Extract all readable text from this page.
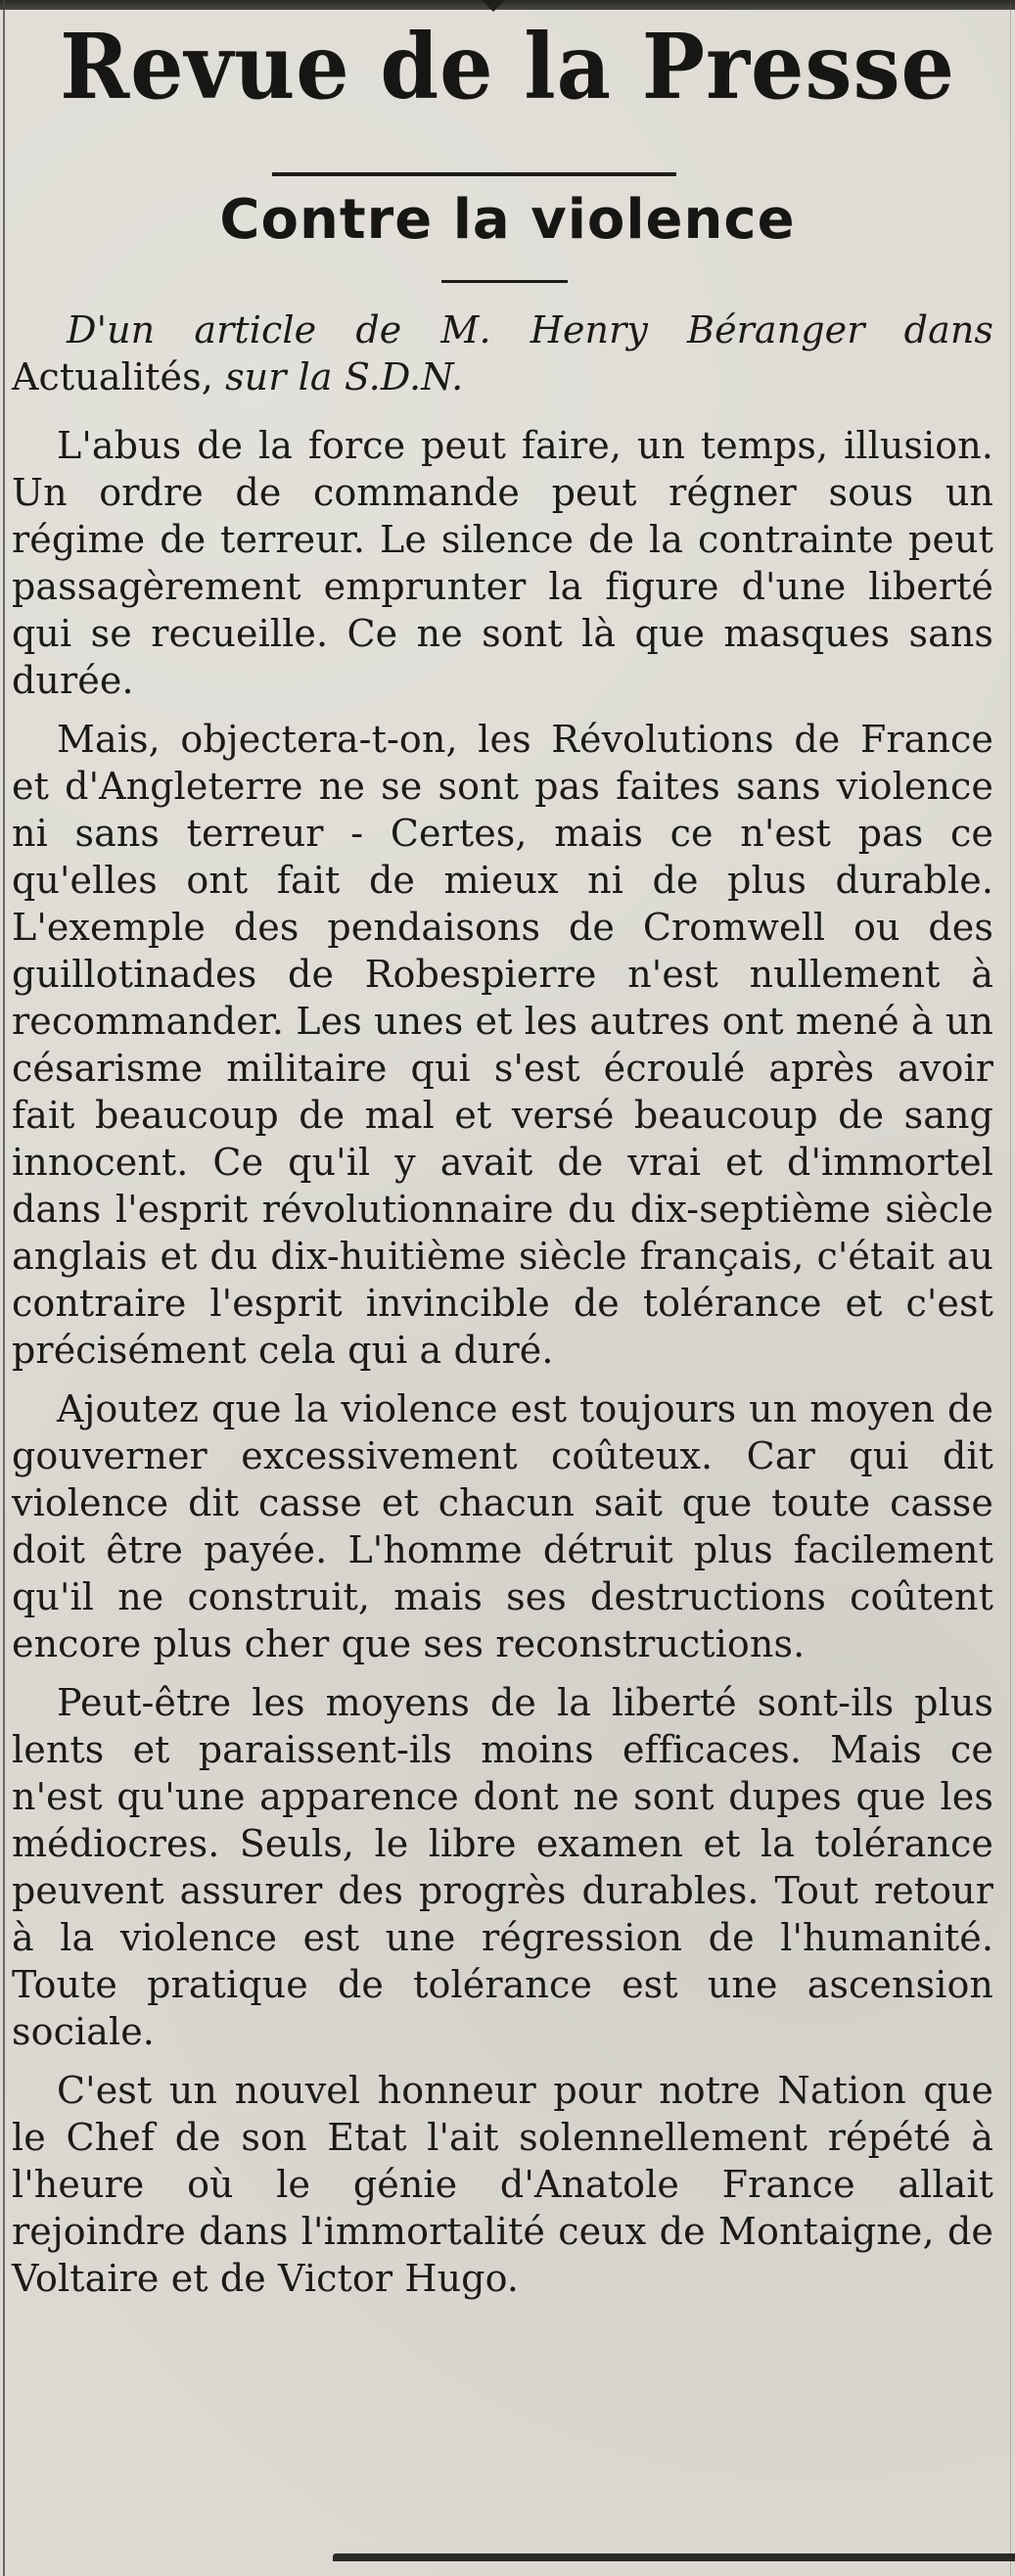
Revue de la Presse
Contre la violence

D'un article de M. Henry Béranger dans Actualités, sur la S.D.N.

L'abus de la force peut faire, un temps, illusion. Un ordre de commande peut régner sous un régime de terreur. Le silence de la contrainte peut passagèrement emprunter la figure d'une liberté qui se recueille. Ce ne sont là que masques sans durée.

Mais, objectera-t-on, les Révolutions de France et d'Angleterre ne se sont pas faites sans violence ni sans terreur - Certes, mais ce n'est pas ce qu'elles ont fait de mieux ni de plus durable. L'exemple des pendaisons de Cromwell ou des guillotinades de Robespierre n'est nullement à recommander. Les unes et les autres ont mené à un césarisme militaire qui s'est écroulé après avoir fait beaucoup de mal et versé beaucoup de sang innocent. Ce qu'il y avait de vrai et d'immortel dans l'esprit révolutionnaire du dix-septième siècle anglais et du dix-huitième siècle français, c'était au contraire l'esprit invincible de tolérance et c'est précisément cela qui a duré.

Ajoutez que la violence est toujours un moyen de gouverner excessivement coûteux. Car qui dit violence dit casse et chacun sait que toute casse doit être payée. L'homme détruit plus facilement qu'il ne construit, mais ses destructions coûtent encore plus cher que ses reconstructions.

Peut-être les moyens de la liberté sont-ils plus lents et paraissent-ils moins efficaces. Mais ce n'est qu'une apparence dont ne sont dupes que les médiocres. Seuls, le libre examen et la tolérance peuvent assurer des progrès durables. Tout retour à la violence est une régression de l'humanité. Toute pratique de tolérance est une ascension sociale.

C'est un nouvel honneur pour notre Nation que le Chef de son Etat l'ait solennellement répété à l'heure où le génie d'Anatole France allait rejoindre dans l'immortalité ceux de Montaigne, de Voltaire et de Victor Hugo.
